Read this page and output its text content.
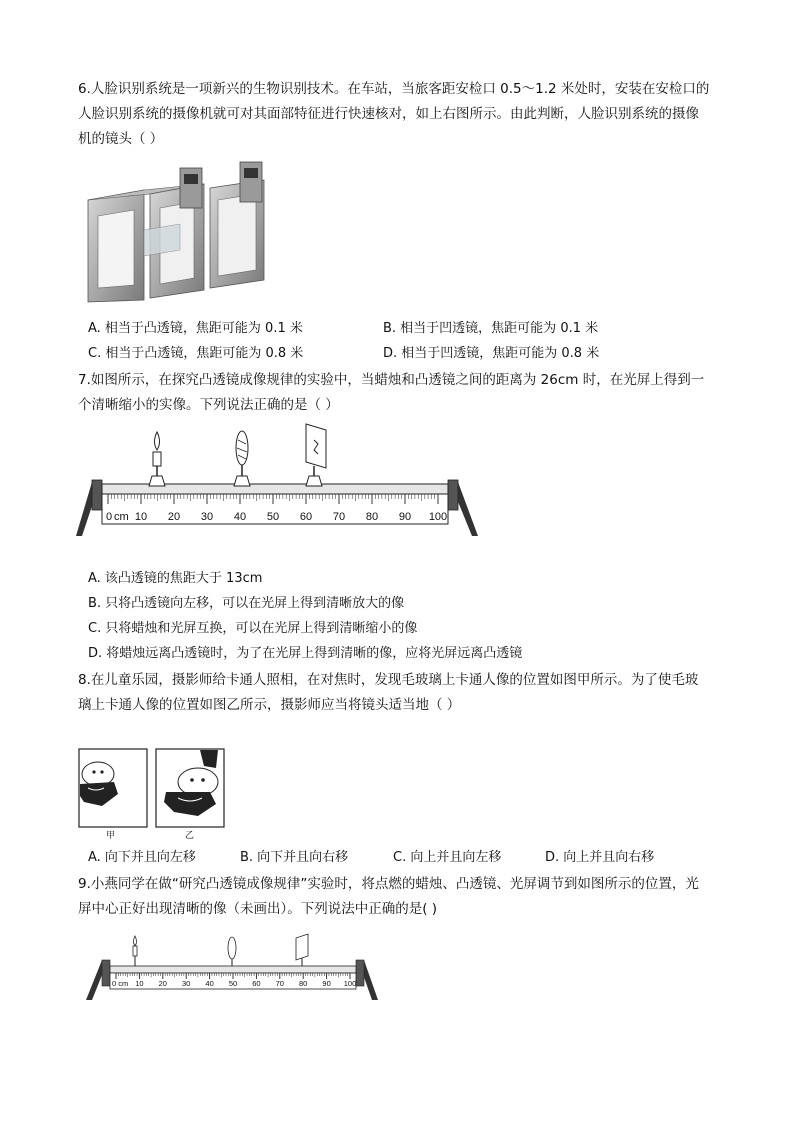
6.人脸识别系统是一项新兴的生物识别技术。在车站，当旅客距安检口 0.5～1.2 米处时，安装在安检口的
人脸识别系统的摄像机就可对其面部特征进行快速核对，如上右图所示。由此判断，人脸识别系统的摄像
机的镜头（ ）
A. 相当于凸透镜，焦距可能为 0.1 米	B. 相当于凹透镜，焦距可能为 0.1 米
C. 相当于凸透镜，焦距可能为 0.8 米	D. 相当于凹透镜，焦距可能为 0.8 米
7.如图所示，在探究凸透镜成像规律的实验中，当蜡烛和凸透镜之间的距离为 26cm 时，在光屏上得到一
个清晰缩小的实像。下列说法正确的是（ ）
10 20 30 40 50 60 70 80 90 100
0 cm
A. 该凸透镜的焦距大于 13cm
B. 只将凸透镜向左移，可以在光屏上得到清晰放大的像
C. 只将蜡烛和光屏互换，可以在光屏上得到清晰缩小的像
D. 将蜡烛远离凸透镜时，为了在光屏上得到清晰的像，应将光屏远离凸透镜
8.在儿童乐园，摄影师给卡通人照相，在对焦时，发现毛玻璃上卡通人像的位置如图甲所示。为了使毛玻
璃上卡通人像的位置如图乙所示，摄影师应当将镜头适当地（ ）
甲	乙
A. 向下并且向左移	B. 向下并且向右移	C. 向上并且向左移	D. 向上并且向右移
9.小燕同学在做“研究凸透镜成像规律”实验时，将点燃的蜡烛、凸透镜、光屏调节到如图所示的位置，光
屏中心正好出现清晰的像（未画出）。下列说法中正确的是( )
0 cm 10 20 30 40 50 60 70 80 90 100
